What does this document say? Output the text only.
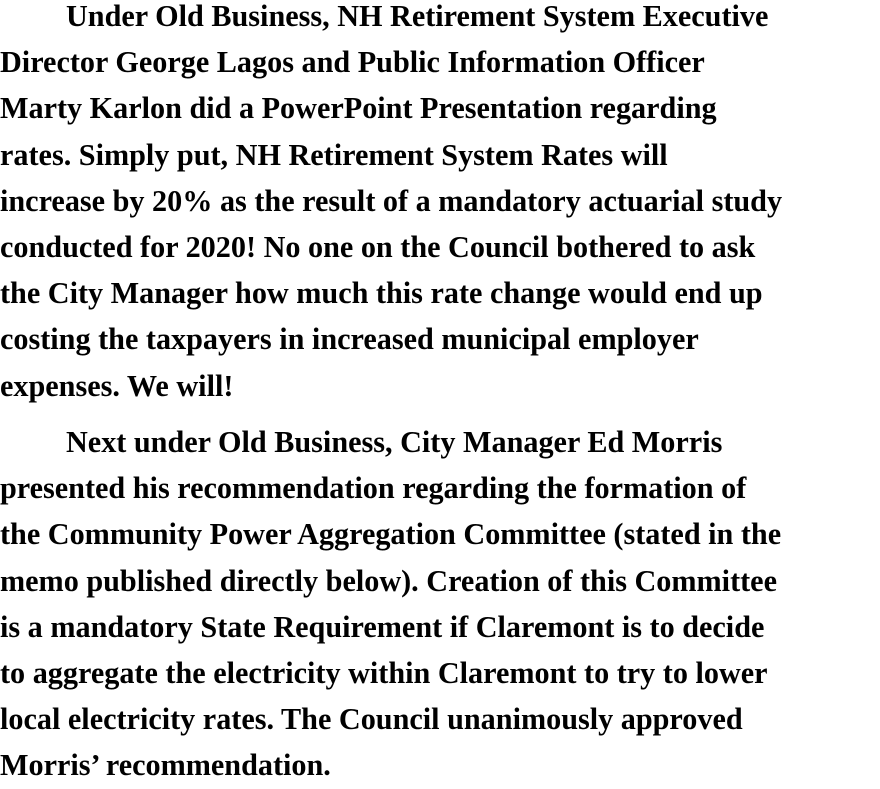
Under Old Business, NH Retirement System Executive
Director George Lagos and Public Information Officer
Marty Karlon did a PowerPoint Presentation regarding
rates. Simply put, NH Retirement System Rates will
increase by 20% as the result of a mandatory actuarial study
conducted for 2020! No one on the Council bothered to ask
the City Manager how much this rate change would end up
costing the taxpayers in increased municipal employer
expenses. We will!
Next under Old Business, City Manager Ed Morris
presented his recommendation regarding the formation of
the Community Power Aggregation Committee (stated in the
memo published directly below). Creation of this Committee
is a mandatory State Requirement if Claremont is to decide
to aggregate the electricity within Claremont to try to lower
local electricity rates. The Council unanimously approved
Morris’ recommendation.
